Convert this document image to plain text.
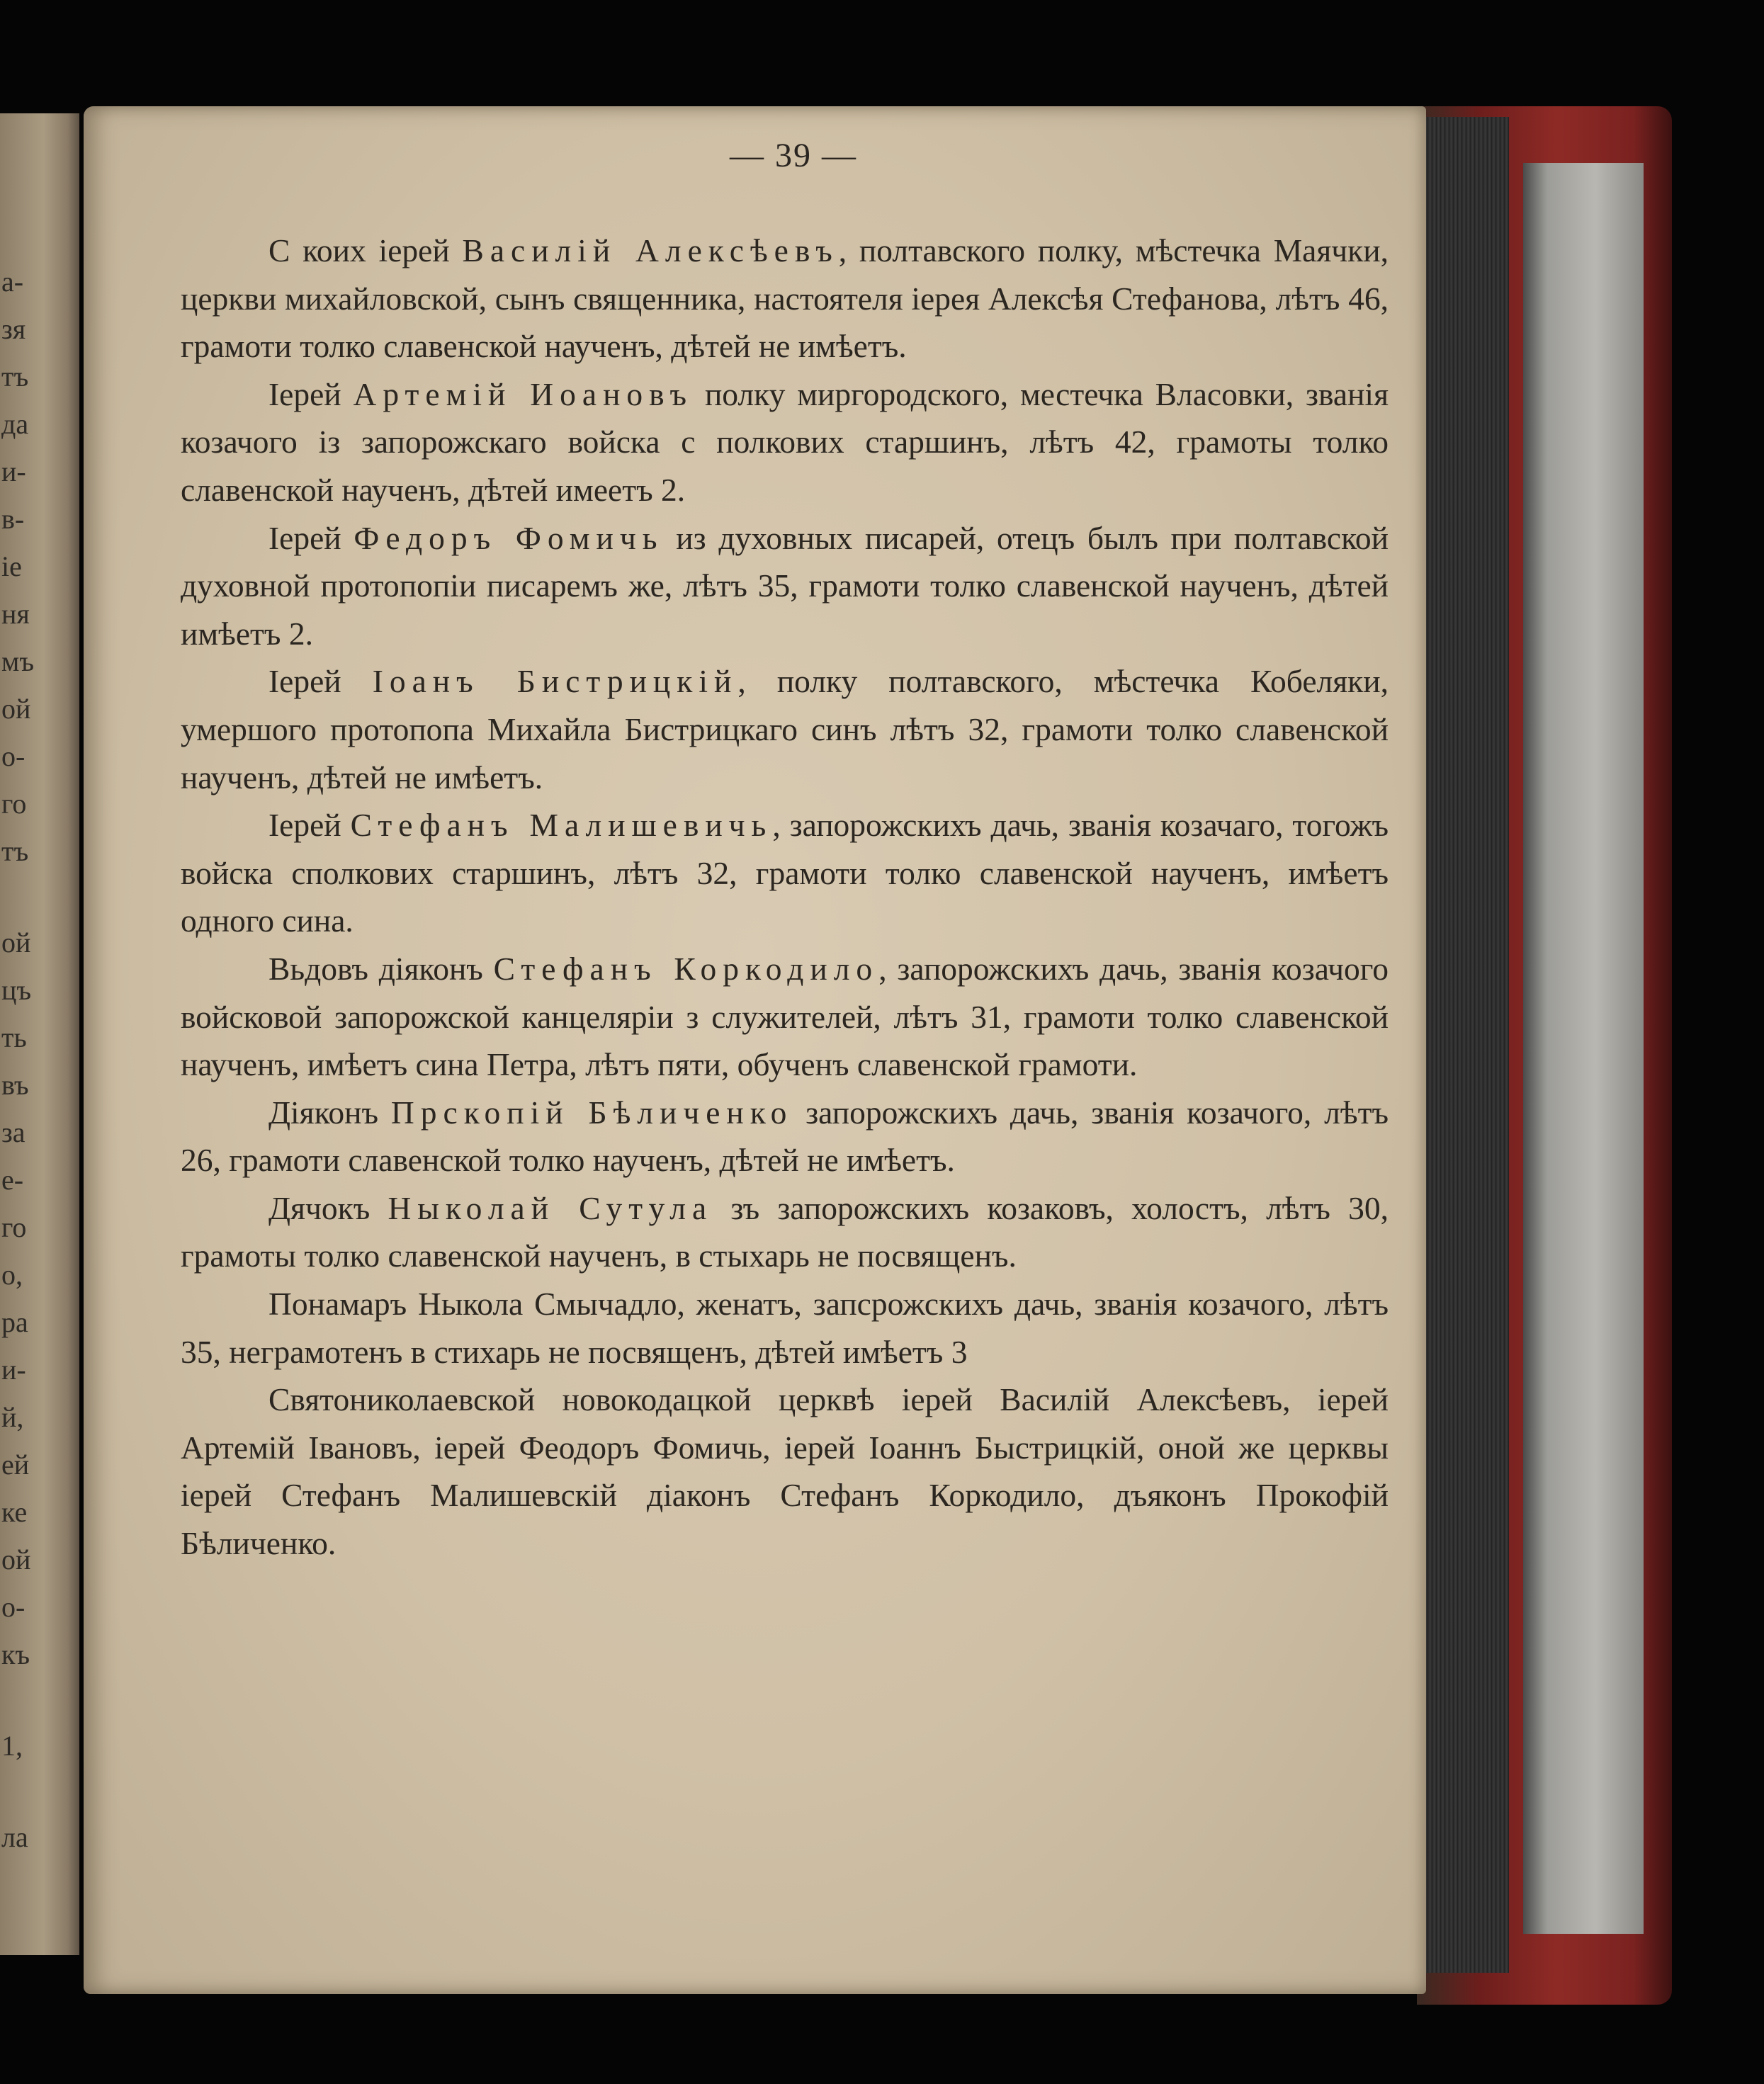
а-
зя
тъ
да
и-
в-
ie
ня
мъ
ой
о-
го
тъ
ой
цъ
ть
въ
за
е-
го
о,
ра
и-
й,
ей
ке
ой
о-
къ
1,
ла
— 39 —

С коих iерей Василiй Алексѣевъ, полтавского полку, мѣстечка Маячки, церкви михайловской, сынъ священника, настоятеля iерея Алексѣя Стефанова, лѣтъ 46, грамоти толко славенской наученъ, дѣтей не имѣетъ.

Iерей Артемiй Иоановъ полку миргородского, местечка Власовки, званiя козачого iз запорожскаго войска с полкових старшинъ, лѣтъ 42, грамоты толко славенской наученъ, дѣтей имеетъ 2.

Iерей Федоръ Фомичь из духовных писарей, отецъ былъ при полтавской духовной протопопiи писаремъ же, лѣтъ 35, грамоти толко славенской наученъ, дѣтей имѣетъ 2.

Iерей Iоанъ Бистрицкiй, полку полтавского, мѣстечка Кобеляки, умершого протопопа Михайла Бистрицкаго синъ лѣтъ 32, грамоти толко славенской наученъ, дѣтей не имѣетъ.

Iерей Стефанъ Малишевичь, запорожскихъ дачь, званiя козачаго, тогожъ войска сполкових старшинъ, лѣтъ 32, грамоти толко славенской наученъ, имѣетъ одного сина.

Вьдовъ дiяконъ Стефанъ Коркодило, запорожскихъ дачь, званiя козачого войсковой запорожской канцелярiи з служителей, лѣтъ 31, грамоти толко славенской наученъ, имѣетъ сина Петра, лѣтъ пяти, обученъ славенской грамоти.

Дiяконъ Прскопiй Бѣличенко запорожскихъ дачь, званiя козачого, лѣтъ 26, грамоти славенской толко наученъ, дѣтей не имѣетъ.

Дячокъ Ныколай Сутула зъ запорожскихъ козаковъ, холостъ, лѣтъ 30, грамоты толко славенской наученъ, в стыхарь не посвященъ.

Понамаръ Ныкола Смычадло, женатъ, запсрожскихъ дачь, званiя козачого, лѣтъ 35, неграмотенъ в стихарь не посвященъ, дѣтей имѣетъ 3

Святониколаевской новокодацкой церквѣ iерей Василiй Алексѣевъ, iерей Артемiй Iвановъ, iерей Феодоръ Фомичь, iерей Iоаннъ Быстрицкiй, оной же церквы iерей Стефанъ Малишевскiй дiаконъ Стефанъ Коркодило, дъяконъ Прокофiй Бѣличенко.
